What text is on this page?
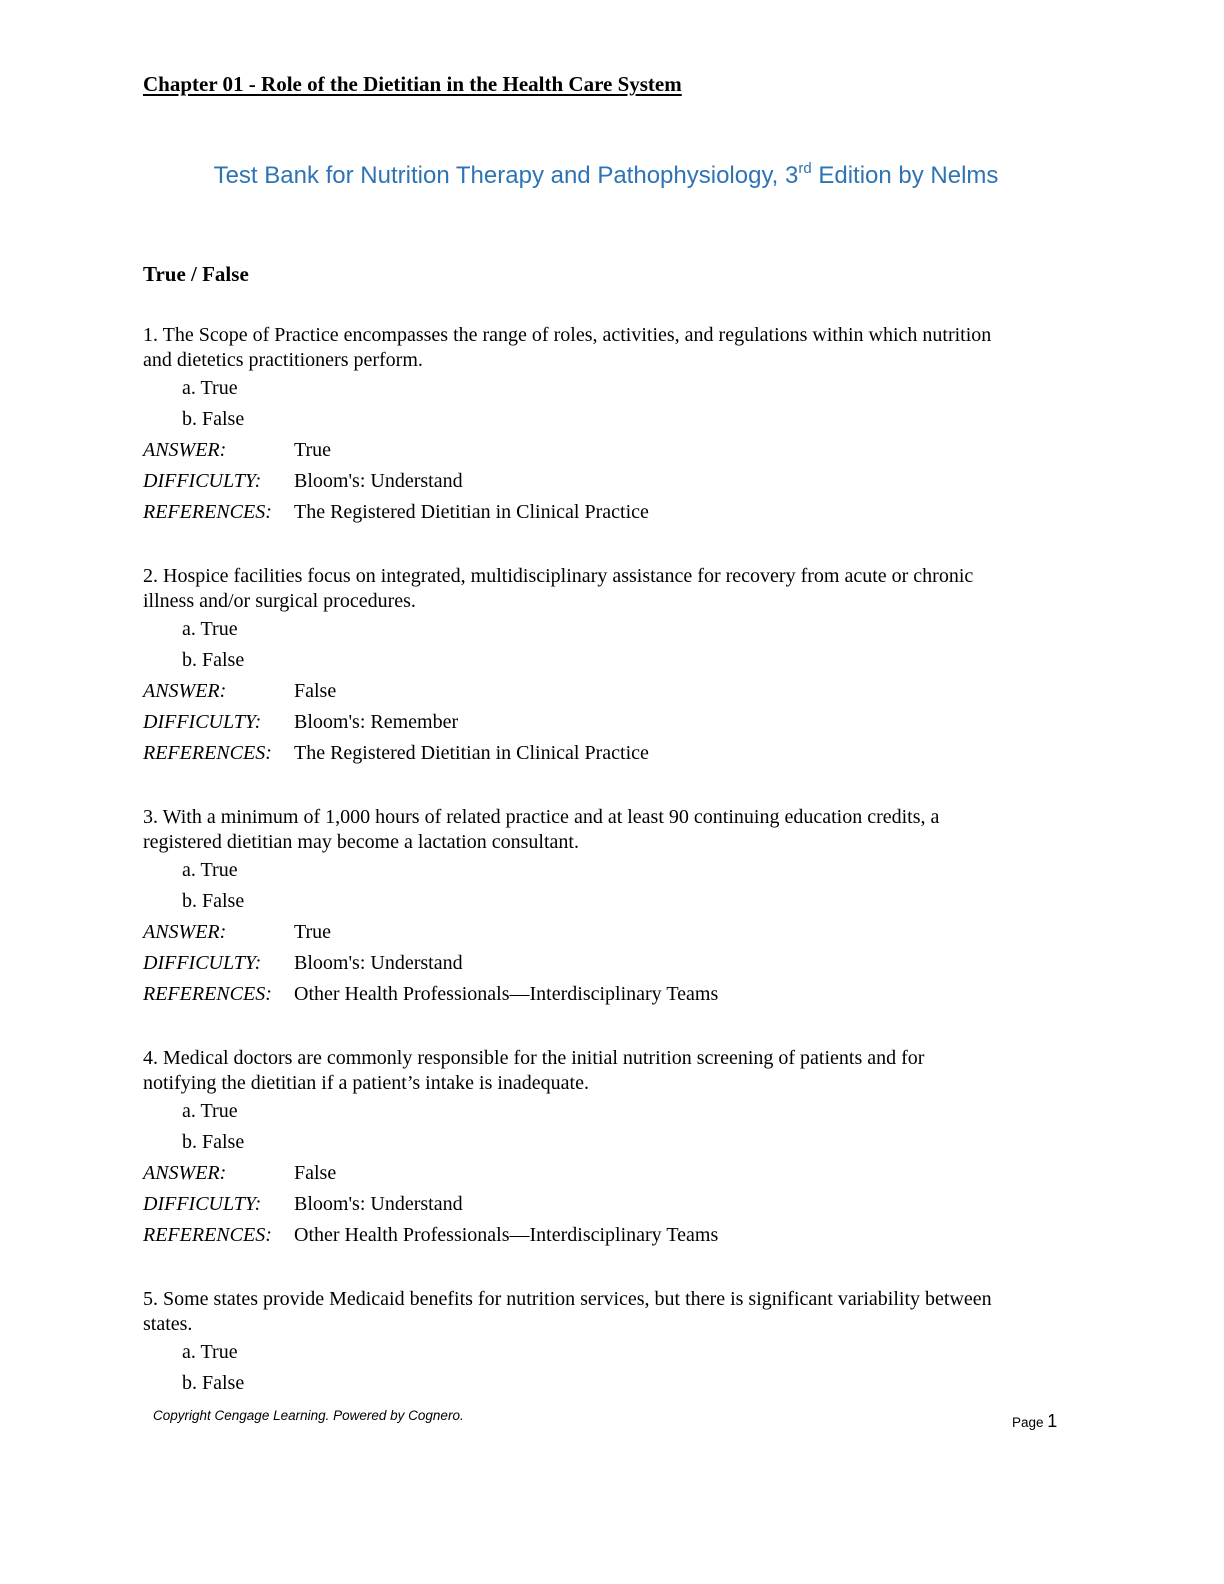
Chapter 01 - Role of the Dietitian in the Health Care System
Test Bank for Nutrition Therapy and Pathophysiology, 3rd Edition by Nelms
True / False
1. The Scope of Practice encompasses the range of roles, activities, and regulations within which nutrition
and dietetics practitioners perform.
a. True
b. False
ANSWER:	True
DIFFICULTY:	Bloom's: Understand
REFERENCES:	The Registered Dietitian in Clinical Practice
2. Hospice facilities focus on integrated, multidisciplinary assistance for recovery from acute or chronic
illness and/or surgical procedures.
a. True
b. False
ANSWER:	False
DIFFICULTY:	Bloom's: Remember
REFERENCES:	The Registered Dietitian in Clinical Practice
3. With a minimum of 1,000 hours of related practice and at least 90 continuing education credits, a
registered dietitian may become a lactation consultant.
a. True
b. False
ANSWER:	True
DIFFICULTY:	Bloom's: Understand
REFERENCES:	Other Health Professionals—Interdisciplinary Teams
4. Medical doctors are commonly responsible for the initial nutrition screening of patients and for
notifying the dietitian if a patient’s intake is inadequate.
a. True
b. False
ANSWER:	False
DIFFICULTY:	Bloom's: Understand
REFERENCES:	Other Health Professionals—Interdisciplinary Teams
5. Some states provide Medicaid benefits for nutrition services, but there is significant variability between
states.
a. True
b. False
Copyright Cengage Learning. Powered by Cognero.	Page 1
